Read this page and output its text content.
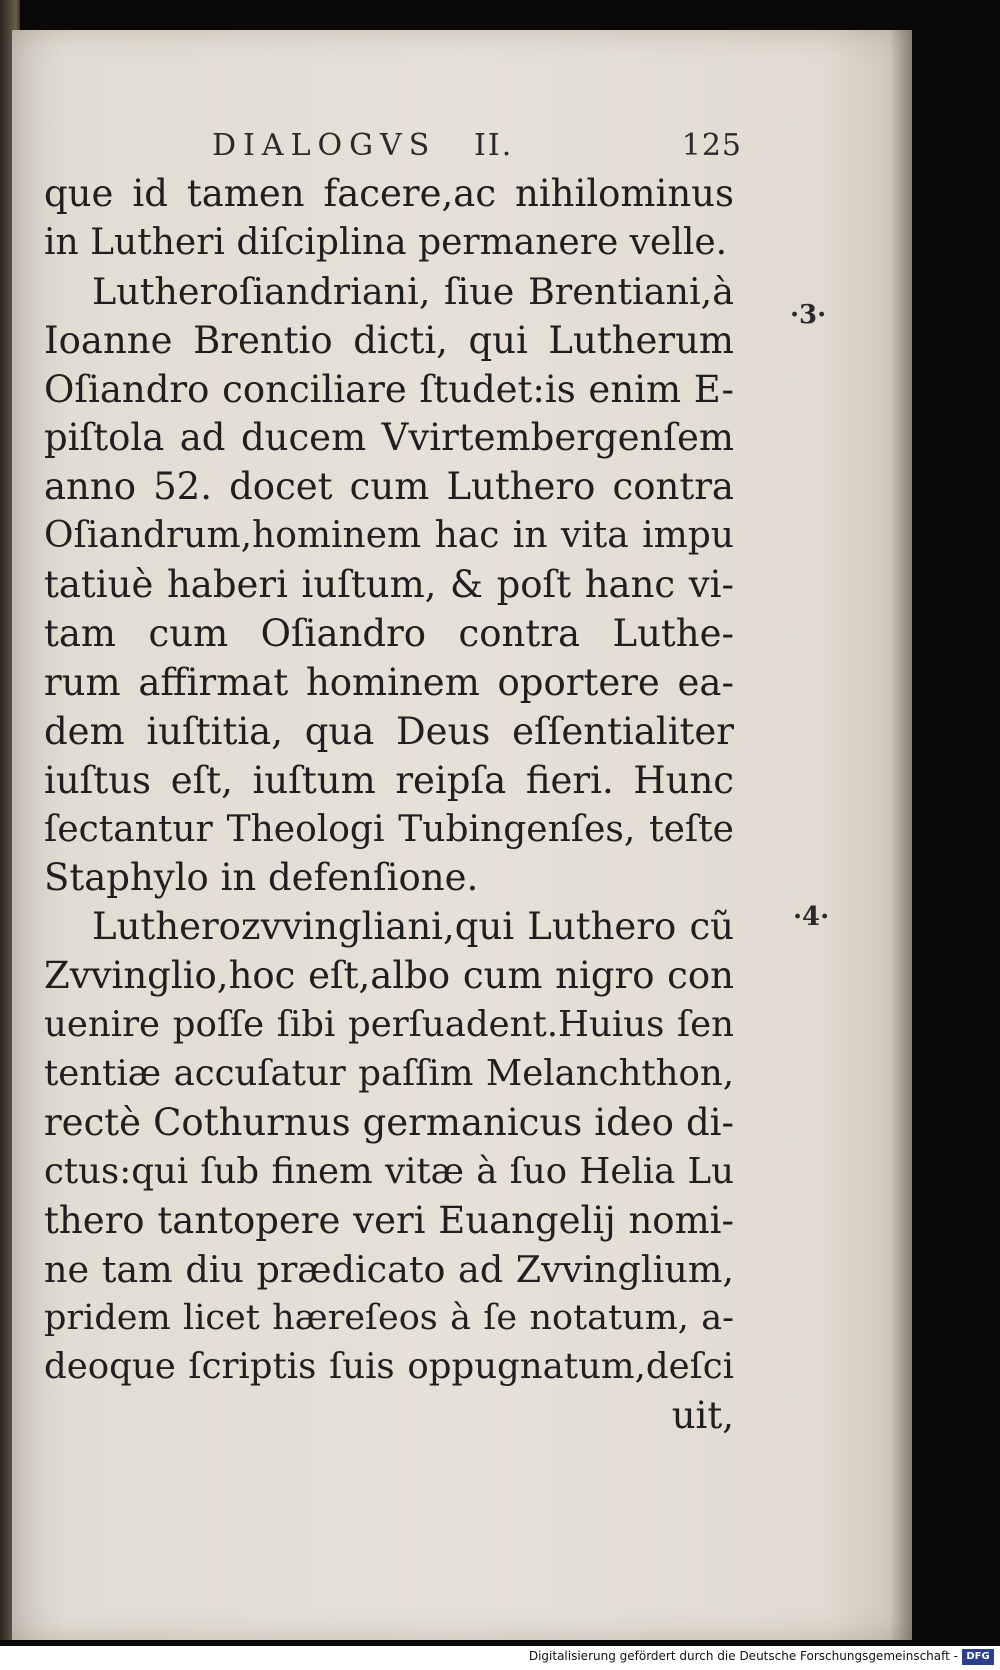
DIALOGVS II.	125
que id tamen facere,ac nihilominus
in Lutheri diſciplina permanere velle.
Lutheroſiandriani, ſiue Brentiani,à
Ioanne Brentio dicti, qui Lutherum
Oſiandro conciliare ſtudet:is enim E-
piſtola ad ducem Vvirtembergenſem
anno 52. docet cum Luthero contra
Oſiandrum,hominem hac in vita impu
tatiuè haberi iuſtum, & poſt hanc vi-
tam cum Oſiandro contra Luthe-
rum affirmat hominem oportere ea-
dem iuſtitia, qua Deus eſſentialiter
iuſtus eſt, iuſtum reipſa fieri. Hunc
ſectantur Theologi Tubingenſes, teſte
Staphylo in defenſione.
Lutherozvvingliani,qui Luthero cũ
Zvvinglio,hoc eſt,albo cum nigro con
uenire poſſe ſibi perſuadent.Huius ſen
tentiæ accuſatur paſſim Melanchthon,
rectè Cothurnus germanicus ideo di-
ctus:qui ſub finem vitæ à ſuo Helia Lu
thero tantopere veri Euangelij nomi-
ne tam diu prædicato ad Zvvinglium,
pridem licet hæreſeos à ſe notatum, a-
deoque ſcriptis ſuis oppugnatum,deſci
uit,
·3·
·4·
Digitalisierung gefördert durch die Deutsche Forschungsgemeinschaft - DFG
